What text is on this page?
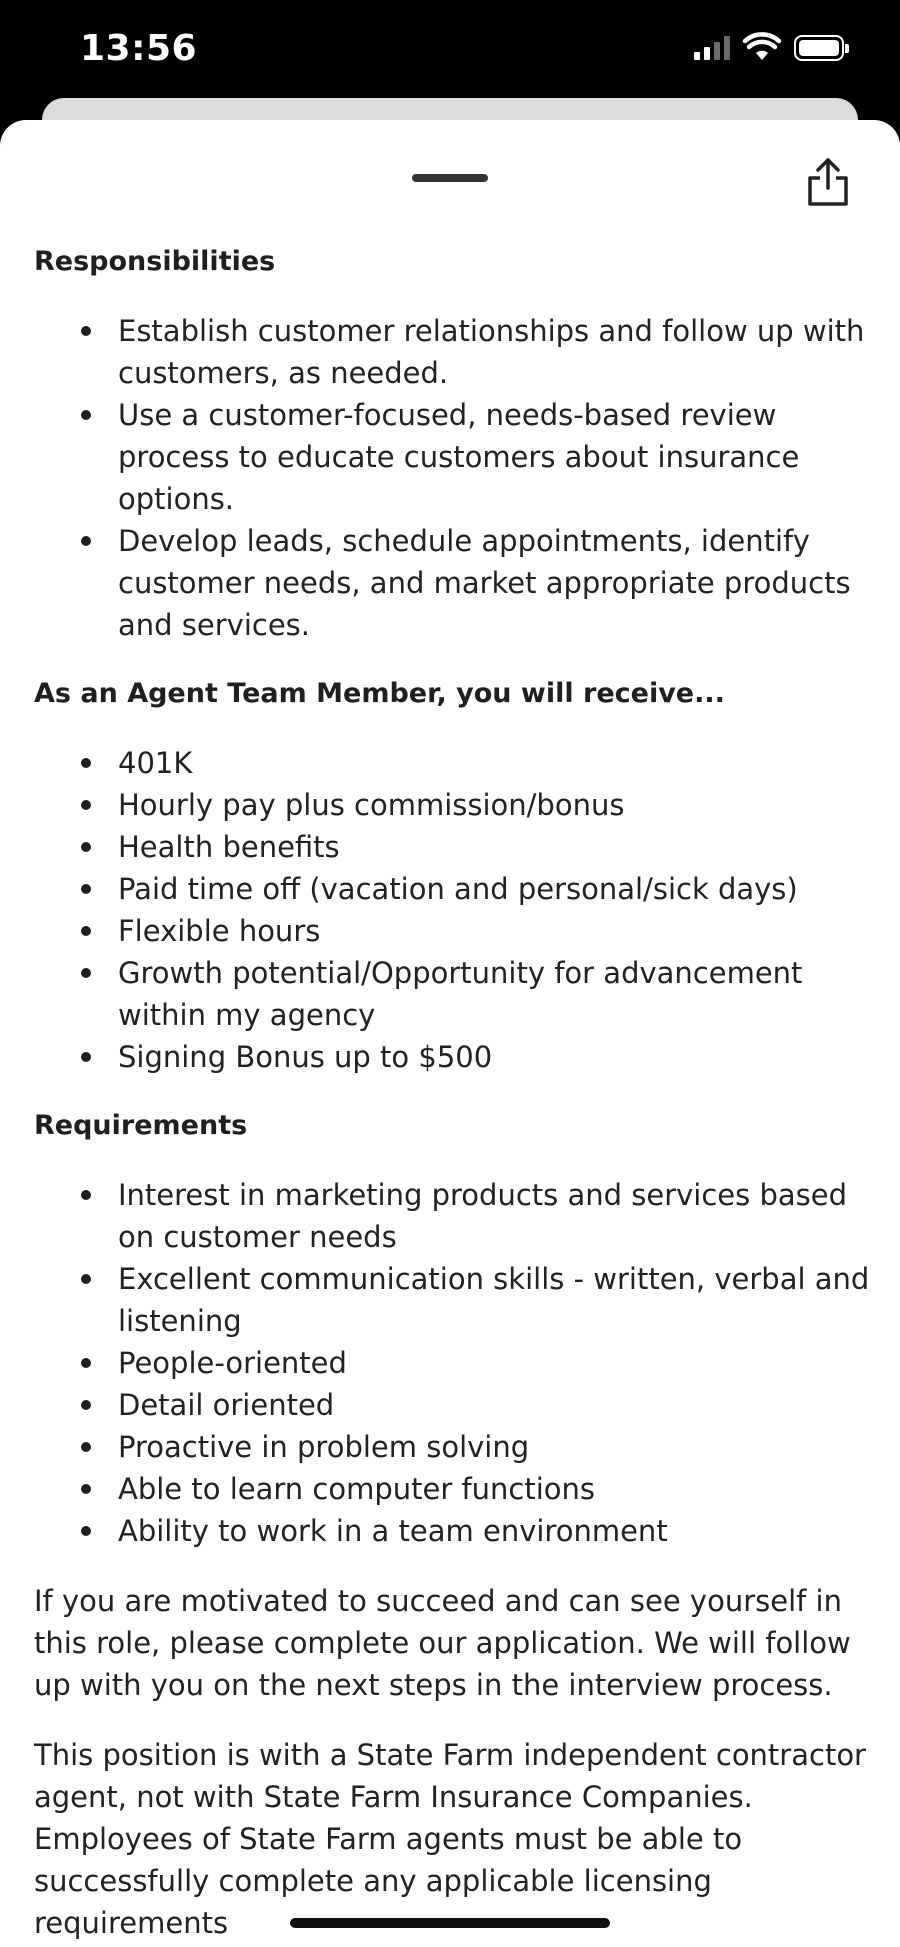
13:56
Responsibilities
Establish customer relationships and follow up with customers, as needed.
Use a customer-focused, needs-based review process to educate customers about insurance options.
Develop leads, schedule appointments, identify customer needs, and market appropriate products and services.
As an Agent Team Member, you will receive...
401K
Hourly pay plus commission/bonus
Health benefits
Paid time off (vacation and personal/sick days)
Flexible hours
Growth potential/Opportunity for advancement within my agency
Signing Bonus up to $500
Requirements
Interest in marketing products and services based on customer needs
Excellent communication skills - written, verbal and listening
People-oriented
Detail oriented
Proactive in problem solving
Able to learn computer functions
Ability to work in a team environment

If you are motivated to succeed and can see yourself in this role, please complete our application. We will follow up with you on the next steps in the interview process.

This position is with a State Farm independent contractor agent, not with State Farm Insurance Companies. Employees of State Farm agents must be able to successfully complete any applicable licensing requirements
